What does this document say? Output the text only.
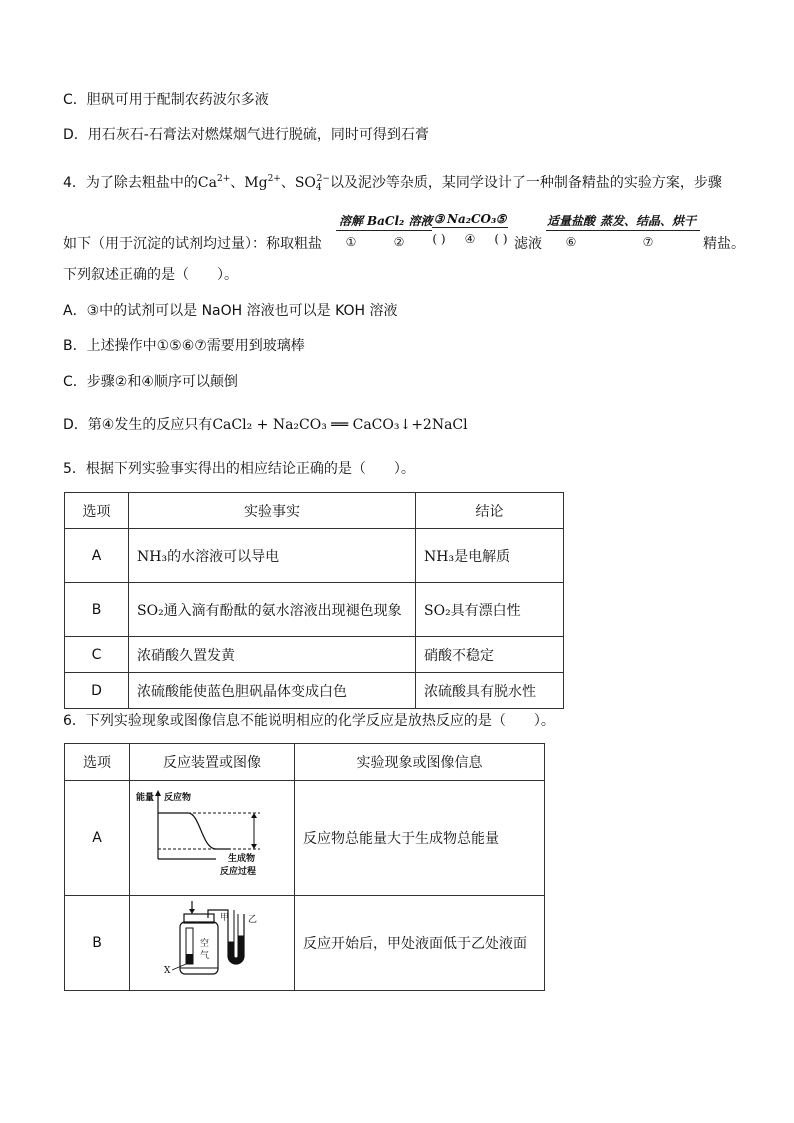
C．胆矾可用于配制农药波尔多液
D．用石灰石-石膏法对燃煤烟气进行脱硫，同时可得到石膏
4．为了除去粗盐中的$Ca^{2+}$、$Mg^{2+}$、$SO_4^{2-}$以及泥沙等杂质，某同学设计了一种制备精盐的实验方案，步骤
溶解
①
BaCl₂ 溶液
②
③
( )
Na₂CO₃
④
⑤
( )
适量盐酸
⑥
蒸发、结晶、烘干
⑦
如下（用于沉淀的试剂均过量）：称取粗盐	滤液	精盐。
下列叙述正确的是（　　）。
A．③中的试剂可以是 NaOH 溶液也可以是 KOH 溶液
B．上述操作中①⑤⑥⑦需要用到玻璃棒
C．步骤②和④顺序可以颠倒
D．第④发生的反应只有CaCl₂ + Na₂CO₃ ══ CaCO₃↓+2NaCl
5．根据下列实验事实得出的相应结论正确的是（　　）。
选项	实验事实	结论
A	NH₃的水溶液可以导电	NH₃是电解质
B	SO₂通入滴有酚酞的氨水溶液出现褪色现象	SO₂具有漂白性
C	浓硝酸久置发黄	硝酸不稳定
D	浓硫酸能使蓝色胆矾晶体变成白色	浓硫酸具有脱水性
6．下列实验现象或图像信息不能说明相应的化学反应是放热反应的是（　　）。
选项	反应装置或图像	实验现象或图像信息
A	能量 反应物
生成物
反应过程	反应物总能量大于生成物总能量
B	甲 乙
空
气
X	反应开始后，甲处液面低于乙处液面
